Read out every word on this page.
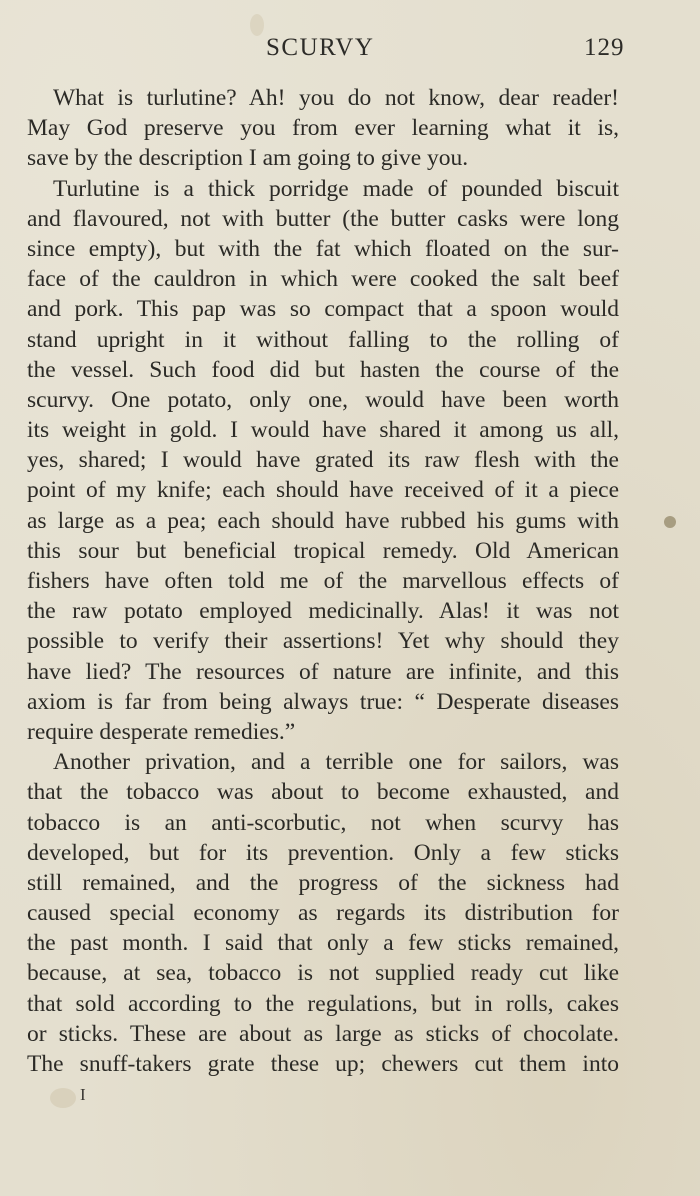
SCURVY	129
What is turlutine? Ah! you do not know, dear reader!
May God preserve you from ever learning what it is,
save by the description I am going to give you.
Turlutine is a thick porridge made of pounded biscuit
and flavoured, not with butter (the butter casks were long
since empty), but with the fat which floated on the sur-
face of the cauldron in which were cooked the salt beef
and pork. This pap was so compact that a spoon would
stand upright in it without falling to the rolling of
the vessel. Such food did but hasten the course of the
scurvy. One potato, only one, would have been worth
its weight in gold. I would have shared it among us all,
yes, shared; I would have grated its raw flesh with the
point of my knife; each should have received of it a piece
as large as a pea; each should have rubbed his gums with
this sour but beneficial tropical remedy. Old American
fishers have often told me of the marvellous effects of
the raw potato employed medicinally. Alas! it was not
possible to verify their assertions! Yet why should they
have lied? The resources of nature are infinite, and this
axiom is far from being always true: “ Desperate diseases
require desperate remedies.”
Another privation, and a terrible one for sailors, was
that the tobacco was about to become exhausted, and
tobacco is an anti-scorbutic, not when scurvy has
developed, but for its prevention. Only a few sticks
still remained, and the progress of the sickness had
caused special economy as regards its distribution for
the past month. I said that only a few sticks remained,
because, at sea, tobacco is not supplied ready cut like
that sold according to the regulations, but in rolls, cakes
or sticks. These are about as large as sticks of chocolate.
The snuff-takers grate these up; chewers cut them into
I
